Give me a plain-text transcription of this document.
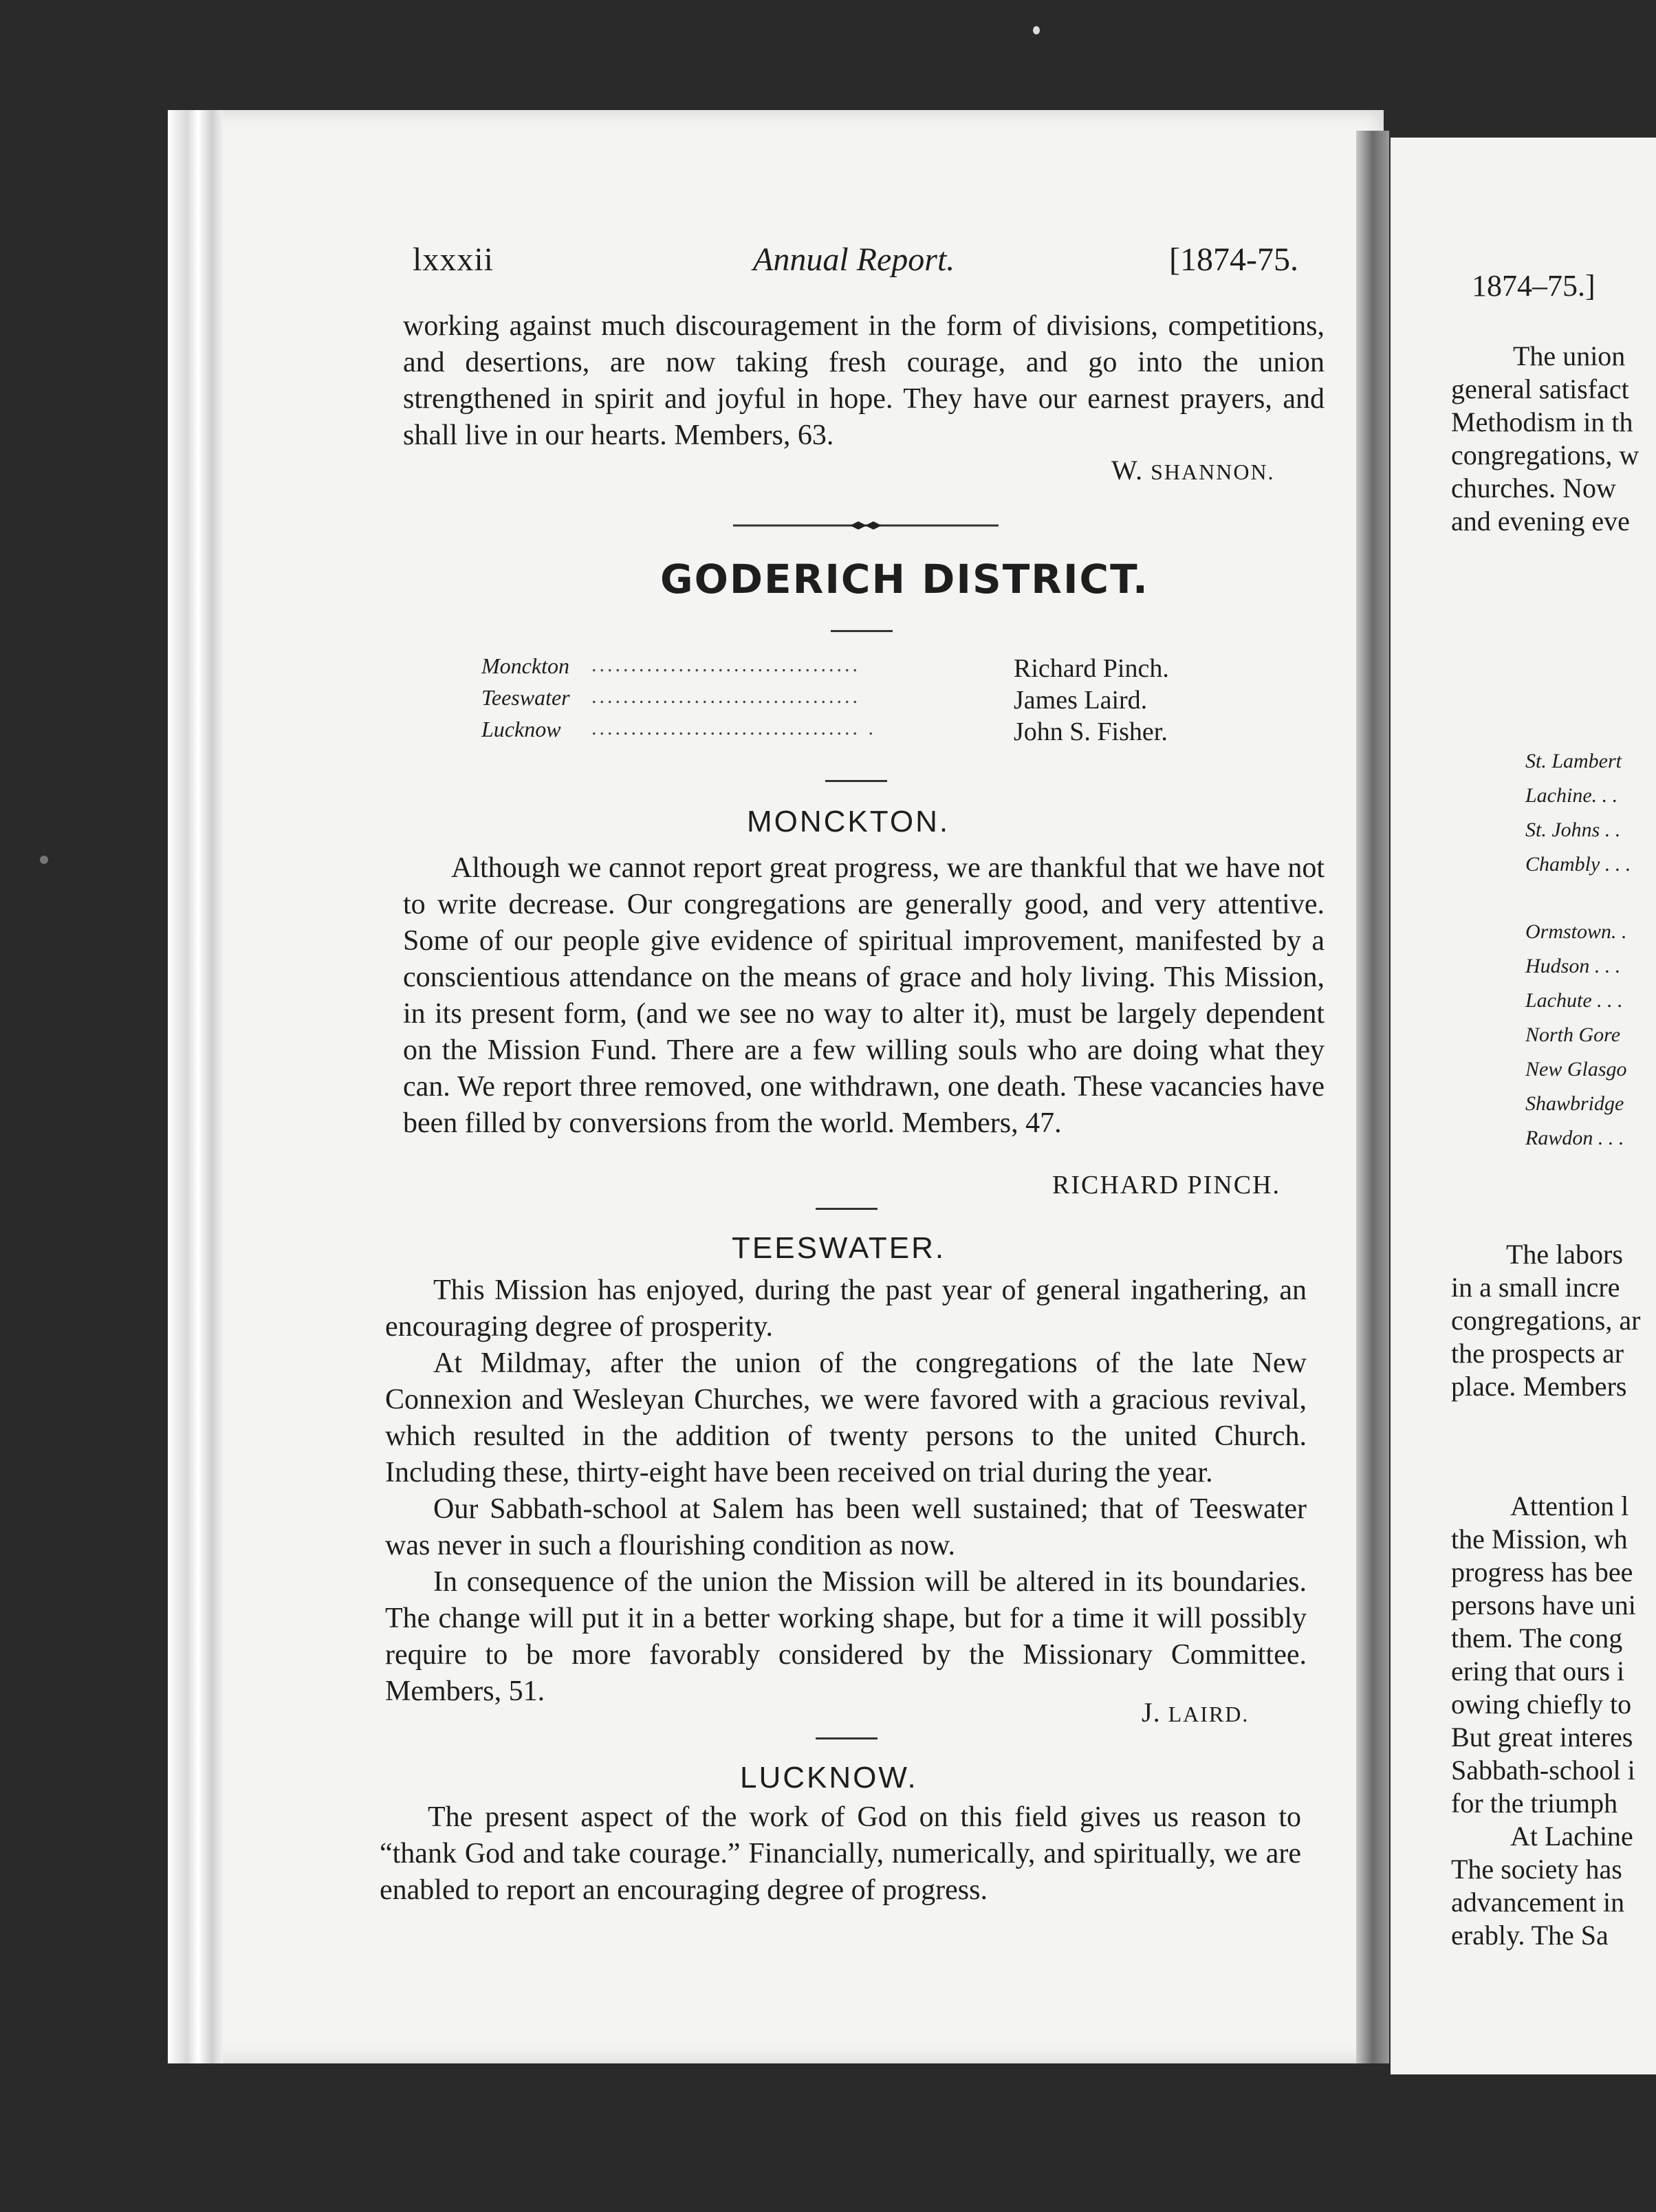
lxxxii	Annual Report.	[1874-75.

working against much discouragement in the form of divisions, competitions, and desertions, are now taking fresh courage, and go into the union strengthened in spirit and joyful in hope. They have our earnest prayers, and shall live in our hearts. Members, 63.

W. SHANNON.
GODERICH DISTRICT.
Monckton ..................................	Richard Pinch.
Teeswater ..................................	James Laird.
Lucknow .................................. .	John S. Fisher.
MONCKTON.

Although we cannot report great progress, we are thankful that we have not to write decrease. Our congregations are generally good, and very attentive. Some of our people give evidence of spiritual improvement, manifested by a conscientious attendance on the means of grace and holy living. This Mission, in its present form, (and we see no way to alter it), must be largely dependent on the Mission Fund. There are a few willing souls who are doing what they can. We report three removed, one withdrawn, one death. These vacancies have been filled by conversions from the world. Members, 47.

RICHARD PINCH.
TEESWATER.

This Mission has enjoyed, during the past year of general ingathering, an encouraging degree of prosperity.

At Mildmay, after the union of the congregations of the late New Connexion and Wesleyan Churches, we were favored with a gracious revival, which resulted in the addition of twenty persons to the united Church. Including these, thirty-eight have been received on trial during the year.

Our Sabbath-school at Salem has been well sustained; that of Teeswater was never in such a flourishing condition as now.

In consequence of the union the Mission will be altered in its boundaries. The change will put it in a better working shape, but for a time it will possibly require to be more favorably considered by the Missionary Committee. Members, 51.

J. LAIRD.
LUCKNOW.

The present aspect of the work of God on this field gives us reason to “thank God and take courage.” Financially, numerically, and spiritually, we are enabled to report an encouraging degree of progress.

1874–75.]
The union
general satisfact
Methodism in th
congregations, w
churches. Now
and evening eve
St. Lambert
Lachine. . .
St. Johns . .
Chambly . . .
Ormstown. .
Hudson . . .
Lachute . . .
North Gore
New Glasgo
Shawbridge
Rawdon . . .
The labors
in a small incre
congregations, ar
the prospects ar
place. Members
Attention l
the Mission, wh
progress has bee
persons have uni
them. The cong
ering that ours i
owing chiefly to
But great interes
Sabbath-school i
for the triumph
At Lachine
The society has
advancement in
erably. The Sa
